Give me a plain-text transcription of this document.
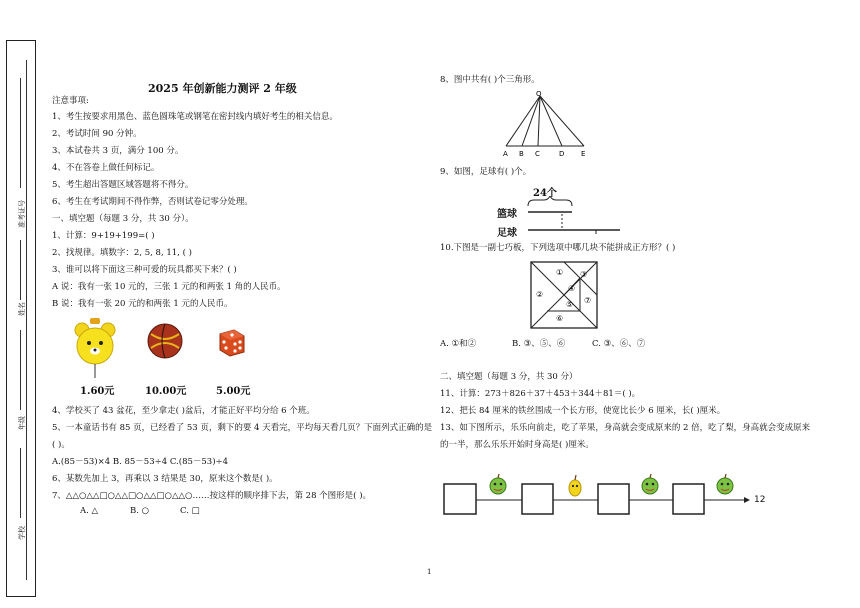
准考证号
姓名
年级
学校
2025 年创新能力测评 2 年级
注意事项:
1、考生按要求用黑色、蓝色圆珠笔或钢笔在密封线内填好考生的相关信息。
2、考试时间 90 分钟。
3、本试卷共 3 页，满分 100 分。
4、不在答卷上做任何标记。
5、考生超出答题区域答题将不得分。
6、考生在考试期间不得作弊，否则试卷记零分处理。
一、填空题（每题 3 分，共 30 分）。
1、计算：9+19+199=( )
2、找规律。填数字：2, 5, 8, 11, ( )
3、谁可以将下面这三种可爱的玩具都买下来？( )
A 说：我有一张 10 元的，三张 1 元的和两张 1 角的人民币。
B 说：我有一张 20 元的和两张 1 元的人民币。
1.60元	10.00元	5.00元
4、学校买了 43 盆花，至少拿走( )盆后，才能正好平均分给 6 个班。
5、一本童话书有 85 页，已经看了 53 页，剩下的要 4 天看完，平均每天看几页？下面列式正确的是
( )。
A.(85－53)×4 B. 85－53÷4 C.(85－53)÷4
6、某数先加上 3，再乘以 3 结果是 30，原来这个数是( )。
7、△△○△△□○△△□○△△□○△△○……按这样的顺序排下去，第 28 个图形是( )。
A. △	B. ○	C. □
8、图中共有( )个三角形。
O
A B C	D E
9、如图，足球有( )个。
24个
篮球
足球
10.下图是一副七巧板，下列选项中哪几块不能拼成正方形？( )
①
②
③
④
⑤
⑥
⑦
A. ①和②	B. ③、⑤、⑥	C. ③、⑥、⑦
二、填空题（每题 3 分，共 30 分）
11、计算：273＋826＋37＋453＋344＋81＝( )。
12、把长 84 厘米的铁丝围成一个长方形，使宽比长少 6 厘米，长( )厘米。
13、如下图所示，乐乐向前走，吃了苹果，身高就会变成原来的 2 倍，吃了梨，身高就会变成原来
的一半，那么乐乐开始时身高是( )厘米。
12
1
